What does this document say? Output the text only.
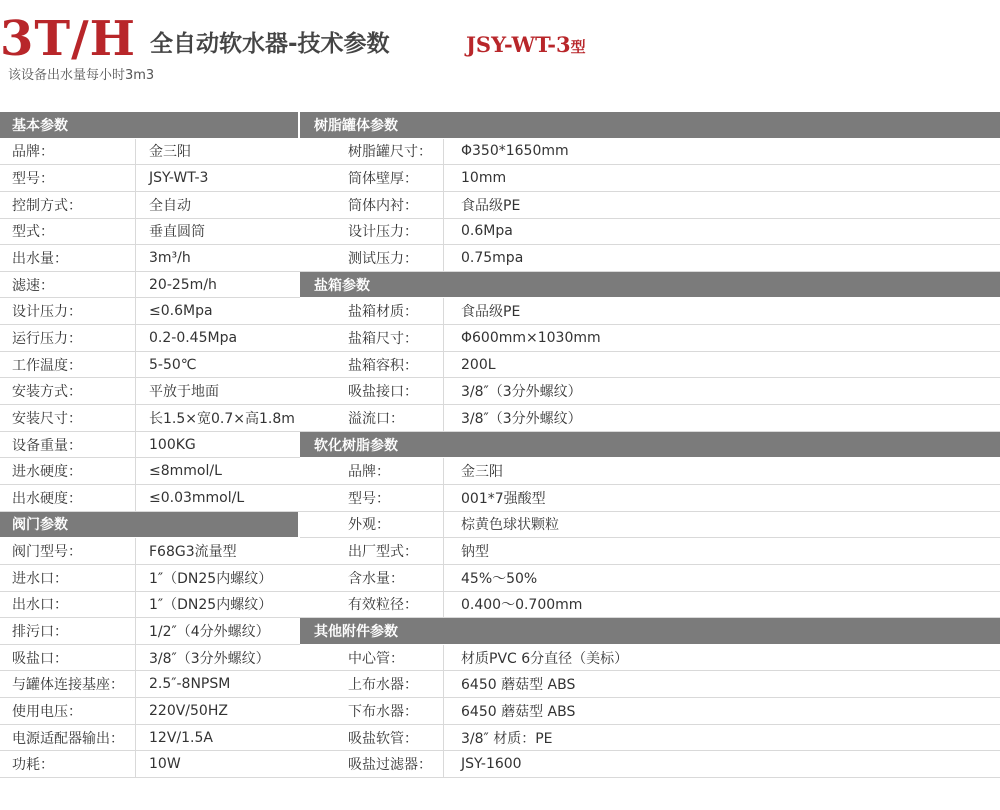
3T/H 全自动软水器-技术参数	JSY-WT-3型
该设备出水量每小时3m3
基本参数
品牌：	金三阳
型号：	JSY-WT-3
控制方式：	全自动
型式：	垂直圆筒
出水量：	3m³/h
滤速：	20-25m/h
设计压力：	≤0.6Mpa
运行压力：	0.2-0.45Mpa
工作温度：	5-50℃
安装方式：	平放于地面
安装尺寸：	长1.5×宽0.7×高1.8m
设备重量：	100KG
进水硬度：	≤8mmol/L
出水硬度：	≤0.03mmol/L
阀门参数
阀门型号：	F68G3流量型
进水口：	1″（DN25内螺纹）
出水口：	1″（DN25内螺纹）
排污口：	1/2″（4分外螺纹）
吸盐口：	3/8″（3分外螺纹）
与罐体连接基座：	2.5″-8NPSM
使用电压：	220V/50HZ
电源适配器输出：	12V/1.5A
功耗：	10W
树脂罐体参数
树脂罐尺寸：	Φ350*1650mm
筒体壁厚：	10mm
筒体内衬：	食品级PE
设计压力：	0.6Mpa
测试压力：	0.75mpa
盐箱参数
盐箱材质：	食品级PE
盐箱尺寸：	Φ600mm×1030mm
盐箱容积：	200L
吸盐接口：	3/8″（3分外螺纹）
溢流口：	3/8″（3分外螺纹）
软化树脂参数
品牌：	金三阳
型号：	001*7强酸型
外观：	棕黄色球状颗粒
出厂型式：	钠型
含水量：	45%～50%
有效粒径：	0.400～0.700mm
其他附件参数
中心管：	材质PVC 6分直径（美标）
上布水器：	6450 蘑菇型 ABS
下布水器：	6450 蘑菇型 ABS
吸盐软管：	3/8″ 材质：PE
吸盐过滤器：	JSY-1600
